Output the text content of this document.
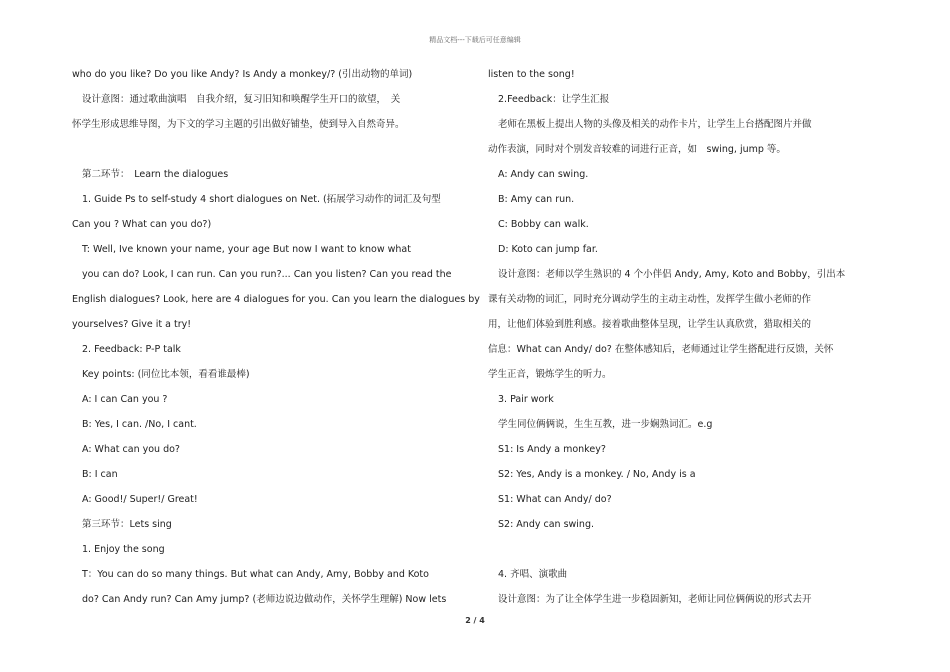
精品文档---下载后可任意编辑
who do you like? Do you like Andy? Is Andy a monkey/? (引出动物的单词)
设计意图：通过歌曲演唱　自我介绍，复习旧知和唤醒学生开口的欲望，　关
怀学生形成思维导图，为下文的学习主题的引出做好铺垫，使到导入自然奇异。
第二环节：　Learn the dialogues
1. Guide Ps to self-study 4 short dialogues on Net. (拓展学习动作的词汇及句型
Can you ? What can you do?)
T: Well, Ive known your name, your age But now I want to know what
you can do? Look, I can run. Can you run?... Can you listen? Can you read the
English dialogues? Look, here are 4 dialogues for you. Can you learn the dialogues by
yourselves? Give it a try!
2. Feedback: P-P talk
Key points: (同位比本领，看看谁最棒)
A: I can Can you ?
B: Yes, I can. /No, I cant.
A: What can you do?
B: I can
A: Good!/ Super!/ Great!
第三环节：Lets sing
1. Enjoy the song
T：You can do so many things. But what can Andy, Amy, Bobby and Koto
do? Can Andy run? Can Amy jump? (老师边说边做动作，关怀学生理解) Now lets
listen to the song!
2.Feedback：让学生汇报
老师在黑板上提出人物的头像及相关的动作卡片，让学生上台搭配图片并做
动作表演，同时对个别发音较难的词进行正音，如　swing, jump 等。
A: Andy can swing.
B: Amy can run.
C: Bobby can walk.
D: Koto can jump far.
设计意图：老师以学生熟识的 4 个小伴侣 Andy, Amy, Koto and Bobby，引出本
课有关动物的词汇，同时充分调动学生的主动主动性，发挥学生做小老师的作
用，让他们体验到胜利感。接着歌曲整体呈现，让学生认真欣赏，猎取相关的
信息：What can Andy/ do? 在整体感知后，老师通过让学生搭配进行反馈，关怀
学生正音，锻炼学生的听力。
3. Pair work
学生同位俩俩说，生生互教，进一步娴熟词汇。e.g
S1: Is Andy a monkey?
S2: Yes, Andy is a monkey. / No, Andy is a
S1: What can Andy/ do?
S2: Andy can swing.
4. 齐唱、演歌曲
设计意图：为了让全体学生进一步稳固新知，老师让同位俩俩说的形式去开
2 / 4
